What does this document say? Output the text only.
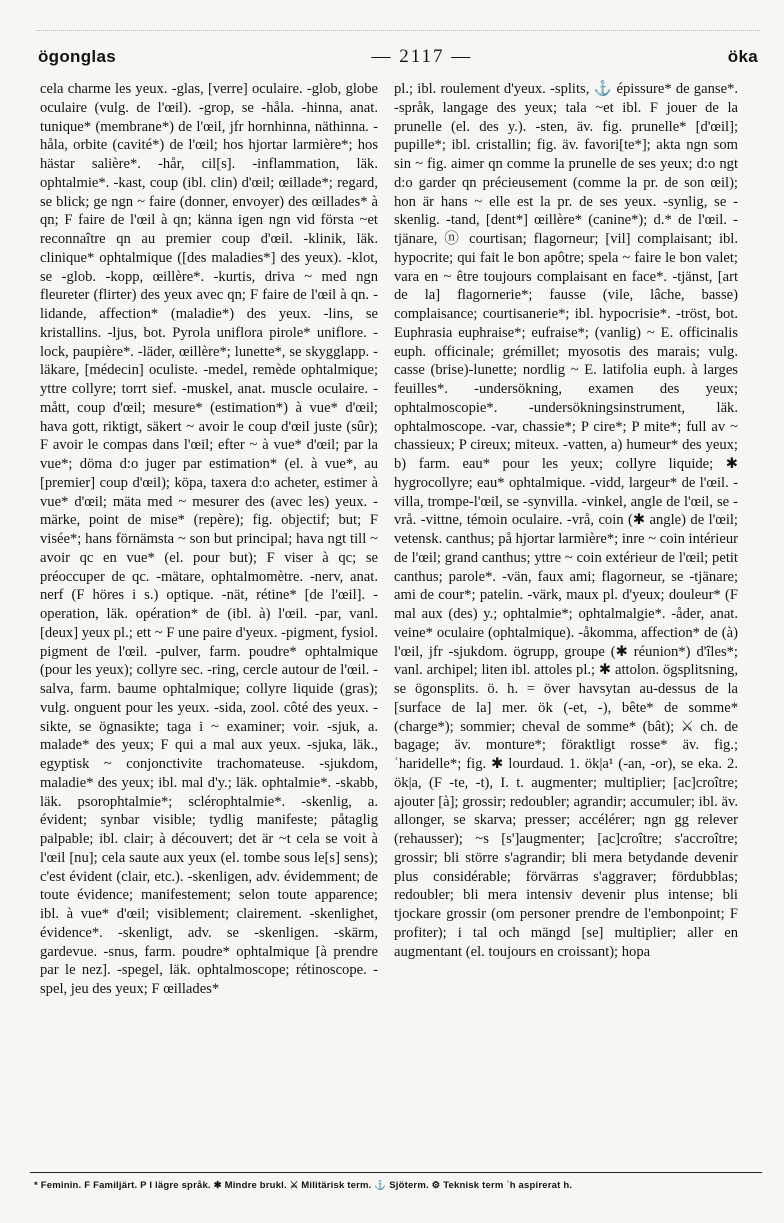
ögonglas	— 2117 —	öka
cela charme les yeux. -glas, [verre] oculaire. -glob, globe oculaire (vulg. de l'œil). -grop, se -håla. -hinna, anat. tunique* (membrane*) de l'œil, jfr hornhinna, näthinna. -håla, orbite (cavité*) de l'œil; hos hjortar larmière*; hos hästar salière*. -hår, cil[s]. -inflammation, läk. ophtalmie*. -kast, coup (ibl. clin) d'œil; œillade*; regard, se blick; ge ngn ~ faire (donner, envoyer) des œillades* à qn; F faire de l'œil à qn; känna igen ngn vid första ~et reconnaître qn au premier coup d'œil. -klinik, läk. clinique* ophtalmique ([des maladies*] des yeux). -klot, se -glob. -kopp, œillère*. -kurtis, driva ~ med ngn fleureter (flirter) des yeux avec qn; F faire de l'œil à qn. -lidande, affection* (maladie*) des yeux. -lins, se kristallins. -ljus, bot. Pyrola uniflora pirole* uniflore. -lock, paupière*. -läder, œillère*; lunette*, se skygglapp. -läkare, [médecin] oculiste. -medel, remède ophtalmique; yttre collyre; torrt sief. -muskel, anat. muscle oculaire. -mått, coup d'œil; mesure* (estimation*) à vue* d'œil; hava gott, riktigt, säkert ~ avoir le coup d'œil juste (sûr); F avoir le compas dans l'œil; efter ~ à vue* d'œil; par la vue*; döma d:o juger par estimation* (el. à vue*, au [premier] coup d'œil); köpa, taxera d:o acheter, estimer à vue* d'œil; mäta med ~ mesurer des (avec les) yeux. -märke, point de mise* (repère); fig. objectif; but; F visée*; hans förnämsta ~ son but principal; hava ngt till ~ avoir qc en vue* (el. pour but); F viser à qc; se préoccuper de qc. -mätare, ophtalmomètre. -nerv, anat. nerf (F höres i s.) optique. -nät, rétine* [de l'œil]. -operation, läk. opération* de (ibl. à) l'œil. -par, vanl. [deux] yeux pl.; ett ~ F une paire d'yeux. -pigment, fysiol. pigment de l'œil. -pulver, farm. poudre* ophtalmique (pour les yeux); collyre sec. -ring, cercle autour de l'œil. -salva, farm. baume ophtalmique; collyre liquide (gras); vulg. onguent pour les yeux. -sida, zool. côté des yeux. -sikte, se ögnasikte; taga i ~ examiner; voir. -sjuk, a. malade* des yeux; F qui a mal aux yeux. -sjuka, läk., egyptisk ~ conjonctivite trachomateuse. -sjukdom, maladie* des yeux; ibl. mal d'y.; läk. ophtalmie*. -skabb, läk. psorophtalmie*; sclérophtalmie*. -skenlig, a. évident; synbar visible; tydlig manifeste; påtaglig palpable; ibl. clair; à découvert; det är ~t cela se voit à l'œil [nu]; cela saute aux yeux (el. tombe sous le[s] sens); c'est évident (clair, etc.). -skenligen, adv. évidemment; de toute évidence; manifestement; selon toute apparence; ibl. à vue* d'œil; visiblement; clairement. -skenlighet, évidence*. -skenligt, adv. se -skenligen. -skärm, gardevue. -snus, farm. poudre* ophtalmique [à prendre par le nez]. -spegel, läk. ophtalmoscope; rétinoscope. -spel, jeu des yeux; F œillades*
pl.; ibl. roulement d'yeux. -splits, ⚓ épissure* de ganse*. -språk, langage des yeux; tala ~et ibl. F jouer de la prunelle (el. des y.). -sten, äv. fig. prunelle* [d'œil]; pupille*; ibl. cristallin; fig. äv. favori[te*]; akta ngn som sin ~ fig. aimer qn comme la prunelle de ses yeux; d:o ngt d:o garder qn précieusement (comme la pr. de son œil); hon är hans ~ elle est la pr. de ses yeux. -synlig, se -skenlig. -tand, [dent*] œillère* (canine*); d.* de l'œil. -tjänare, ⓝ courtisan; flagorneur; [vil] complaisant; ibl. hypocrite; qui fait le bon apôtre; spela ~ faire le bon valet; vara en ~ être toujours complaisant en face*. -tjänst, [art de la] flagornerie*; fausse (vile, lâche, basse) complaisance; courtisanerie*; ibl. hypocrisie*. -tröst, bot. Euphrasia euphraise*; eufraise*; (vanlig) ~ E. officinalis euph. officinale; grémillet; myosotis des marais; vulg. casse (brise)-lunette; nordlig ~ E. latifolia euph. à larges feuilles*. -undersökning, examen des yeux; ophtalmoscopie*. -undersökningsinstrument, läk. ophtalmoscope. -var, chassie*; P cire*; P mite*; full av ~ chassieux; P cireux; miteux. -vatten, a) humeur* des yeux; b) farm. eau* pour les yeux; collyre liquide; ✱ hygrocollyre; eau* ophtalmique. -vidd, largeur* de l'œil. -villa, trompe-l'œil, se -synvilla. -vinkel, angle de l'œil, se -vrå. -vittne, témoin oculaire. -vrå, coin (✱ angle) de l'œil; vetensk. canthus; på hjortar larmière*; inre ~ coin intérieur de l'œil; grand canthus; yttre ~ coin extérieur de l'œil; petit canthus; parole*. -vän, faux ami; flagorneur, se -tjänare; ami de cour*; patelin. -värk, maux pl. d'yeux; douleur* (F mal aux (des) y.; ophtalmie*; ophtalmalgie*. -åder, anat. veine* oculaire (ophtalmique). -åkomma, affection* de (à) l'œil, jfr -sjukdom. ögrupp, groupe (✱ réunion*) d'îles*; vanl. archipel; liten ibl. attoles pl.; ✱ attolon. ögsplitsning, se ögonsplits. ö. h. = över havsytan au-dessus de la [surface de la] mer. ök (-et, -), bête* de somme* (charge*); sommier; cheval de somme* (bât); ⚔ ch. de bagage; äv. monture*; föraktligt rosse* äv. fig.; ʿharidelle*; fig. ✱ lourdaud. 1. ök|a¹ (-an, -or), se eka. 2. ök|a, (F -te, -t), I. t. augmenter; multiplier; [ac]croître; ajouter [à]; grossir; redoubler; agrandir; accumuler; ibl. äv. allonger, se skarva; presser; accélérer; ngn gg relever (rehausser); ~s [s']augmenter; [ac]croître; s'accroître; grossir; bli större s'agrandir; bli mera betydande devenir plus considérable; förvärras s'aggraver; fördubblas; redoubler; bli mera intensiv devenir plus intense; bli tjockare grossir (om personer prendre de l'embonpoint; F profiter); i tal och mängd [se] multiplier; aller en augmentant (el. toujours en croissant); hopa
* Feminin. F Familjärt. P I lägre språk. ✱ Mindre brukl. ⚔ Militärisk term. ⚓ Sjöterm. ⚙ Teknisk term ʿh aspirerat h.
